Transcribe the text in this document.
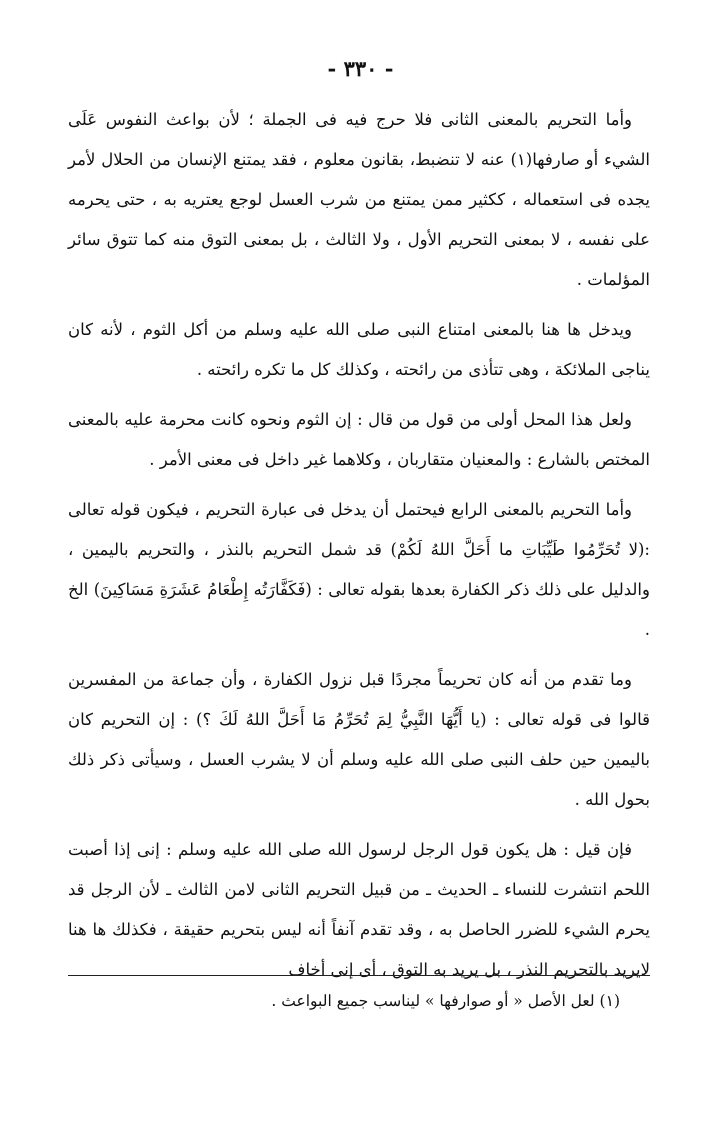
- ٣٣٠ -

وأما التحريم بالمعنى الثانى فلا حرج فيه فى الجملة ؛ لأن بواعث النفوس عَلَى الشيء أو صارفها(١) عنه لا تنضبط، بقانون معلوم ، فقد يمتنع الإنسان من الحلال لأمر يجده فى استعماله ، ككثير ممن يمتنع من شرب العسل لوجع يعتريه به ، حتى يحرمه على نفسه ، لا بمعنى التحريم الأول ، ولا الثالث ، بل بمعنى التوق منه كما تتوق سائر المؤلمات .

ويدخل ها هنا بالمعنى امتناع النبى صلى الله عليه وسلم من أكل الثوم ، لأنه كان يناجى الملائكة ، وهى تتأذى من رائحته ، وكذلك كل ما تكره رائحته .

ولعل هذا المحل أولى من قول من قال : إن الثوم ونحوه كانت محرمة عليه بالمعنى المختص بالشارع : والمعنيان متقاربان ، وكلاهما غير داخل فى معنى الأمر .

وأما التحريم بالمعنى الرابع فيحتمل أن يدخل فى عبارة التحريم ، فيكون قوله تعالى :(لا تُحَرِّمُوا طَيِّبَاتِ ما أَحَلَّ اللهُ لَكُمْ) قد شمل التحريم بالنذر ، والتحريم باليمين ، والدليل على ذلك ذكر الكفارة بعدها بقوله تعالى : (فَكَفَّارَتُه إِطْعَامُ عَشَرَةِ مَسَاكِينَ) الخ .

وما تقدم من أنه كان تحريماً مجردًا قبل نزول الكفارة ، وأن جماعة من المفسرين قالوا فى قوله تعالى : (يا أَيُّهَا النَّبِيُّ لِمَ تُحَرِّمُ مَا أَحَلَّ اللهُ لَكَ ؟) : إن التحريم كان باليمين حين حلف النبى صلى الله عليه وسلم أن لا يشرب العسل ، وسيأتى ذكر ذلك بحول الله .

فإن قيل : هل يكون قول الرجل لرسول الله صلى الله عليه وسلم : إنى إذا أصبت اللحم انتشرت للنساء ـ الحديث ـ من قبيل التحريم الثانى لامن الثالث ـ لأن الرجل قد يحرم الشيء للضرر الحاصل به ، وقد تقدم آنفاً أنه ليس بتحريم حقيقة ، فكذلك ها هنا لايريد بالتحريم النذر ، بل يريد به التوق ، أى إنى أخاف

(١) لعل الأصل « أو صوارفها » ليناسب جميع البواعث .
